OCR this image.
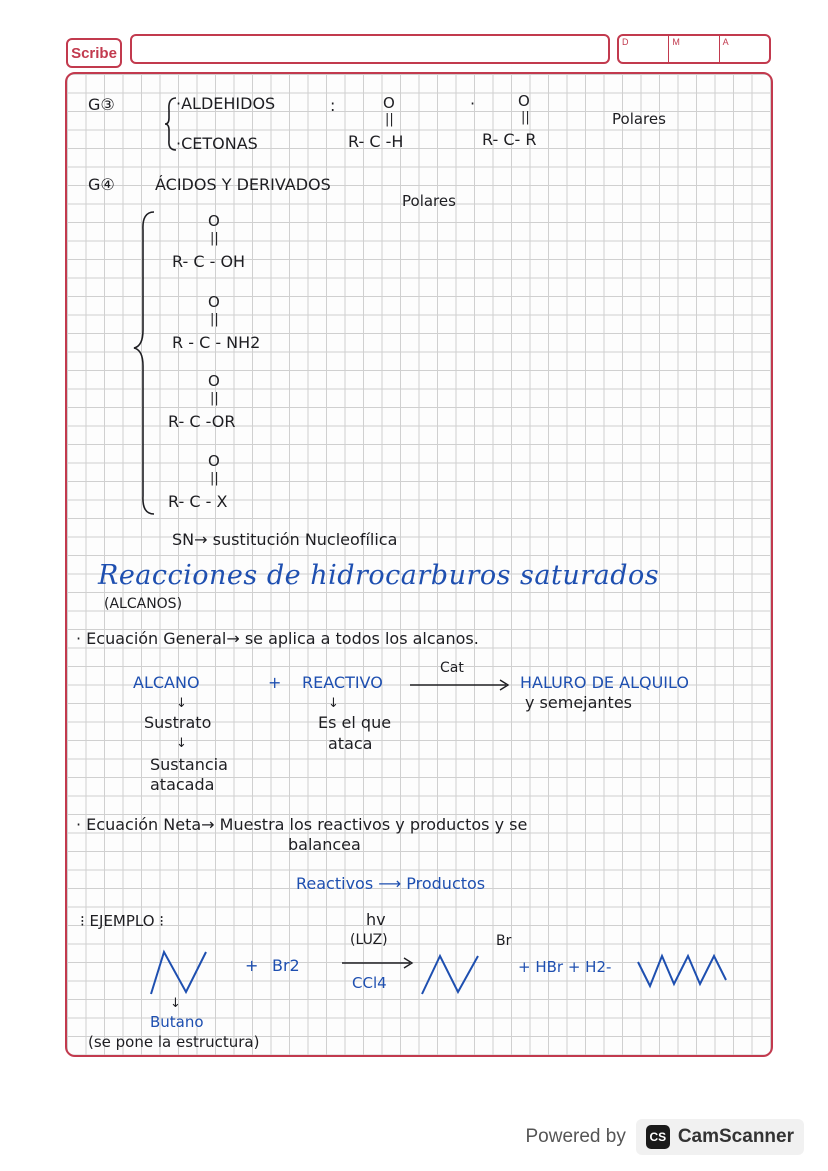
Scribe
D	M	A
G③	·ALDEHIDOS
·CETONAS
:	O
||
R- C -H
·	O
||
R- C- R
Polares
G④	ÁCIDOS Y DERIVADOS
Polares
O
||
R- C - OH
O
||
R - C - NH2
O
||
R- C -OR
O
||
R- C - X
SN→ sustitución Nucleofílica
Reacciones de hidrocarburos saturados
(ALCANOS)
· Ecuación General→ se aplica a todos los alcanos.
ALCANO	+ REACTIVO
Cat
HALURO DE ALQUILO
y semejantes
↓	↓
Sustrato	Es el que
ataca
↓
Sustancia
atacada
· Ecuación Neta→ Muestra los reactivos y productos y se
balancea
Reactivos ⟶ Productos
⁝ EJEMPLO ⁝	hv
(LUZ)
+ Br2
CCl4
Br
+ HBr + H2-
↓
Butano
(se pone la estructura)
Powered by	CS CamScanner
